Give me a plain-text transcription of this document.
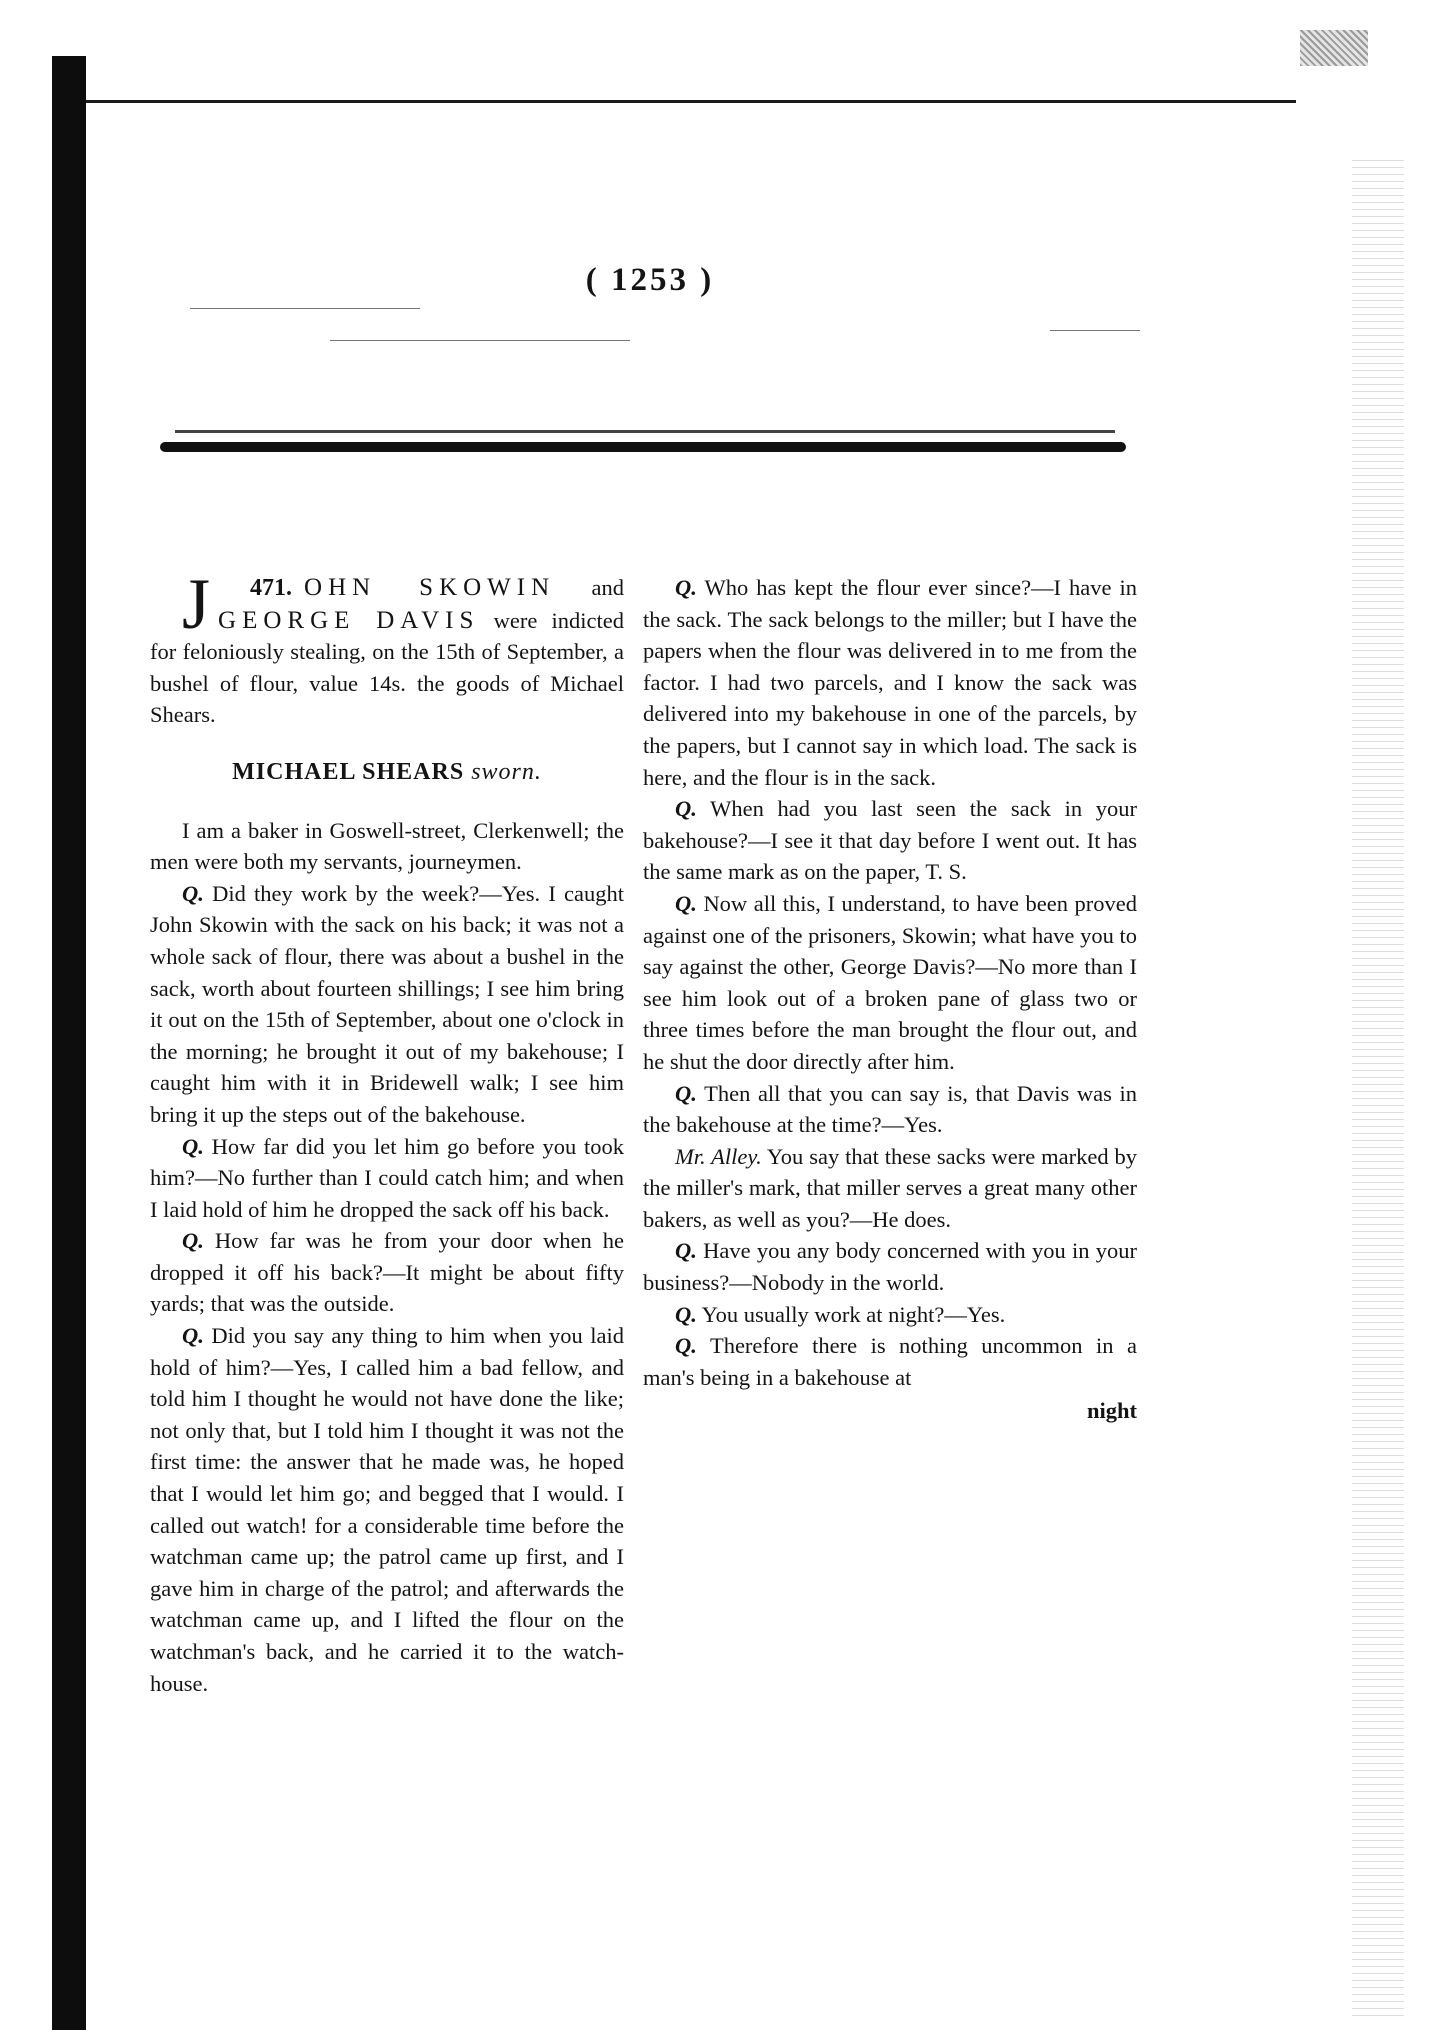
( 1253 )

471.
J	OHN SKOWIN and GEORGE DAVIS were indicted for feloniously stealing, on the 15th of September, a bushel of flour, value 14s. the goods of Michael Shears.

MICHAEL SHEARS sworn.

I am a baker in Goswell-street, Clerkenwell; the men were both my servants, journeymen.

Q. Did they work by the week?—Yes. I caught John Skowin with the sack on his back; it was not a whole sack of flour, there was about a bushel in the sack, worth about fourteen shillings; I see him bring it out on the 15th of September, about one o'clock in the morning; he brought it out of my bakehouse; I caught him with it in Bridewell walk; I see him bring it up the steps out of the bakehouse.

Q. How far did you let him go before you took him?—No further than I could catch him; and when I laid hold of him he dropped the sack off his back.

Q. How far was he from your door when he dropped it off his back?—It might be about fifty yards; that was the outside.

Q. Did you say any thing to him when you laid hold of him?—Yes, I called him a bad fellow, and told him I thought he would not have done the like; not only that, but I told him I thought it was not the first time: the answer that he made was, he hoped that I would let him go; and begged that I would. I called out watch! for a considerable time before the watchman came up; the patrol came up first, and I gave him in charge of the patrol; and afterwards the watchman came up, and I lifted the flour on the watchman's back, and he carried it to the watch-house.

Q. Who has kept the flour ever since?—I have in the sack. The sack belongs to the miller; but I have the papers when the flour was delivered in to me from the factor. I had two parcels, and I know the sack was delivered into my bakehouse in one of the parcels, by the papers, but I cannot say in which load. The sack is here, and the flour is in the sack.

Q. When had you last seen the sack in your bakehouse?—I see it that day before I went out. It has the same mark as on the paper, T. S.

Q. Now all this, I understand, to have been proved against one of the prisoners, Skowin; what have you to say against the other, George Davis?—No more than I see him look out of a broken pane of glass two or three times before the man brought the flour out, and he shut the door directly after him.

Q. Then all that you can say is, that Davis was in the bakehouse at the time?—Yes.

Mr. Alley. You say that these sacks were marked by the miller's mark, that miller serves a great many other bakers, as well as you?—He does.

Q. Have you any body concerned with you in your business?—Nobody in the world.

Q. You usually work at night?—Yes.

Q. Therefore there is nothing uncommon in a man's being in a bakehouse at

night
